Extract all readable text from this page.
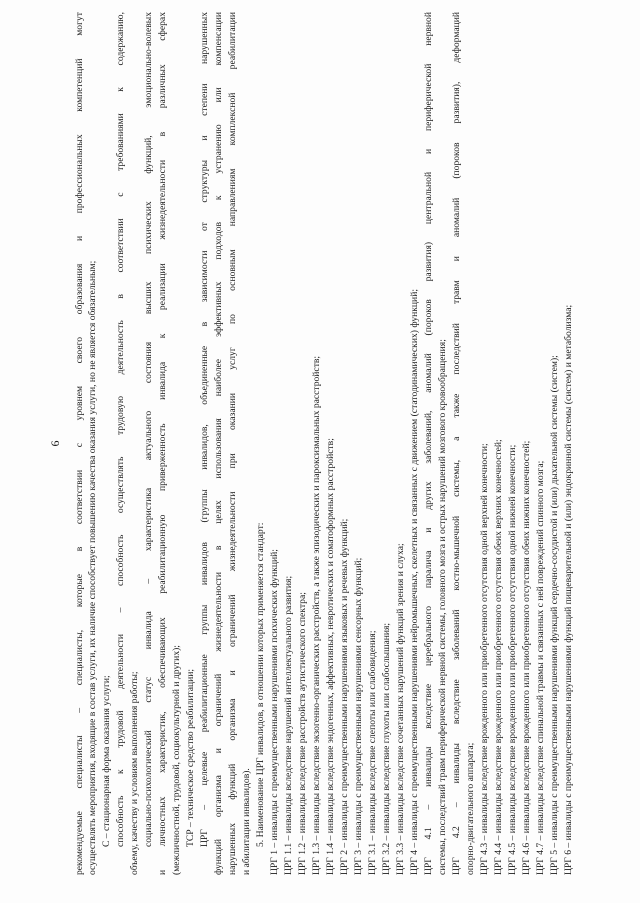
6 рекомендуемые специалисты – специалисты, которые в соответствии с уровнем своего образования и профессиональных компетенций могут осуществлять мероприятия, входящие в состав услуги, их наличие способствует повышению качества оказания услуги, но не является обязательным; С – стационарная форма оказания услуги; способность к трудовой деятельности – способность осуществлять трудовую деятельность в соответствии с требованиями к содержанию, объему, качеству и условиям выполнения работы; социально-психологический статус инвалида – характеристика актуального состояния высших психических функций, эмоционально-волевых и личностных характеристик, обеспечивающих реабилитационную приверженность инвалида к реализации жизнедеятельности в различных сферах (межличностной, трудовой, социокультурной и других); ТСР – техническое средство реабилитации; ЦРГ – целевые реабилитационные группы инвалидов (группы инвалидов, объединенные в зависимости от структуры и степени нарушенных функций организма и ограничений жизнедеятельности в целях использования наиболее эффективных подходов к устранению или компенсации нарушенных функций организма и ограничений жизнедеятельности при оказании услуг по основным направлениям комплексной реабилитации и абилитации инвалидов). 5. Наименование ЦРГ инвалидов, в отношении которых применяется стандарт: ЦРГ 1 – инвалиды с преимущественными нарушениями психических функций; ЦРГ 1.1 – инвалиды вследствие нарушений интеллектуального развития; ЦРГ 1.2 – инвалиды вследствие расстройств аутистического спектра; ЦРГ 1.3 – инвалиды вследствие экзогенно-органических расстройств, а также эпизодических и пароксизмальных расстройств; ЦРГ 1.4 – инвалиды вследствие эндогенных, аффективных, невротических и соматоформных расстройств; ЦРГ 2 – инвалиды с преимущественными нарушениями языковых и речевых функций; ЦРГ 3 – инвалиды с преимущественными нарушениями сенсорных функций; ЦРГ 3.1 – инвалиды вследствие слепоты или слабовидения; ЦРГ 3.2 – инвалиды вследствие глухоты или слабослышания; ЦРГ 3.3 – инвалиды вследствие сочетанных нарушений функций зрения и слуха; ЦРГ 4 – инвалиды с преимущественными нарушениями нейромышечных, скелетных и связанных с движением (статодинамических) функций; ЦРГ 4.1 – инвалиды вследствие церебрального паралича и других заболеваний, аномалий (пороков развития) центральной и периферической нервной системы, последствий травм периферической нервной системы, головного мозга и острых нарушений мозгового кровообращения; ЦРГ 4.2 – инвалиды вследствие заболеваний костно-мышечной системы, а также последствий травм и аномалий (пороков развития), деформаций опорно-двигательного аппарата; ЦРГ 4.3 – инвалиды вследствие врожденного или приобретенного отсутствия одной верхней конечности; ЦРГ 4.4 – инвалиды вследствие врожденного или приобретенного отсутствия обеих верхних конечностей; ЦРГ 4.5 – инвалиды вследствие врожденного или приобретенного отсутствия одной нижней конечности; ЦРГ 4.6 – инвалиды вследствие врожденного или приобретенного отсутствия обеих нижних конечностей; ЦРГ 4.7 – инвалиды вследствие спинальной травмы и связанных с ней повреждений спинного мозга; ЦРГ 5 – инвалиды с преимущественными нарушениями функций сердечно-сосудистой и (или) дыхательной системы (систем); ЦРГ 6 – инвалиды с преимущественными нарушениями функций пищеварительной и (или) эндокринной системы (систем) и метаболизма;
